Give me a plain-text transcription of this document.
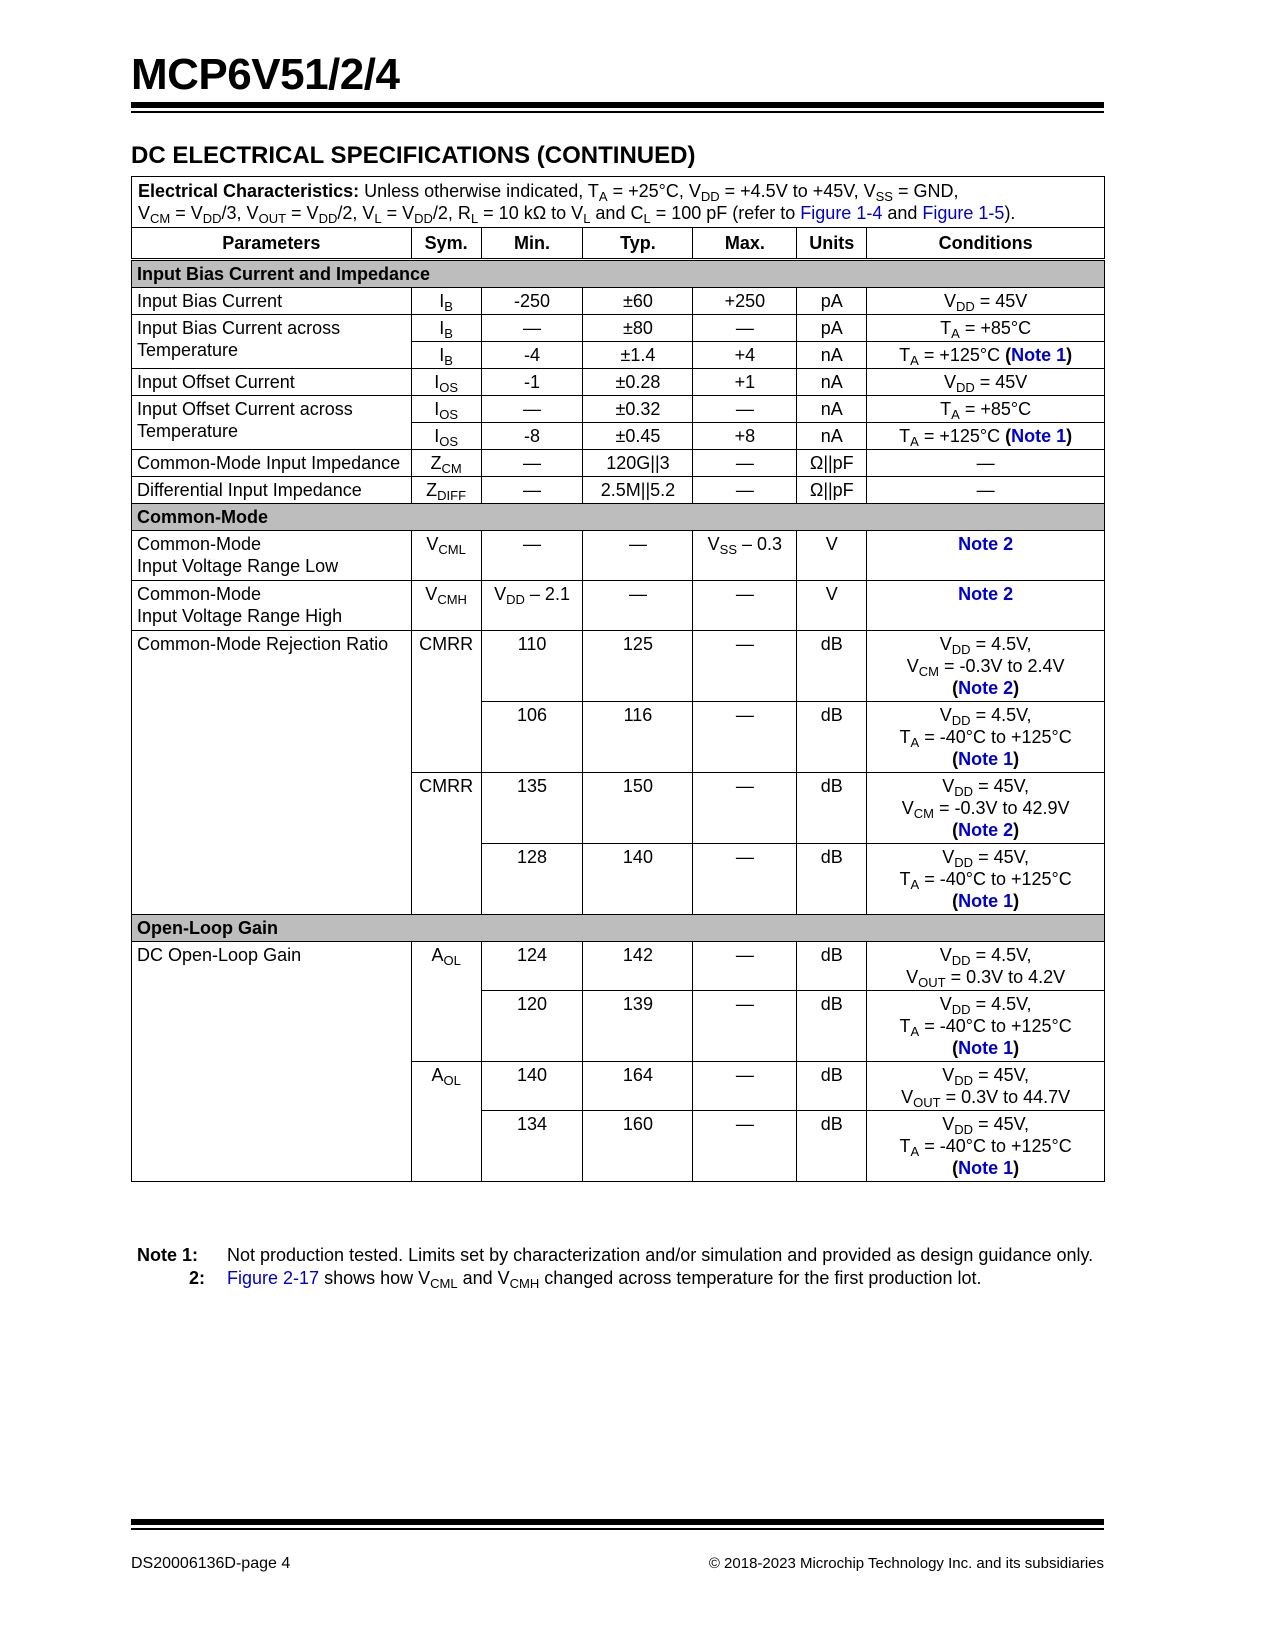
MCP6V51/2/4
DC ELECTRICAL SPECIFICATIONS (CONTINUED)
Electrical Characteristics: Unless otherwise indicated, $T_A = +25^\circ C$, $V_{DD} = +4.5V$ to +45V, $V_{SS}$ = GND,
$V_{CM} = V_{DD}/3$, $V_{OUT} = V_{DD}/2$, $V_L = V_{DD}/2$, $R_L = 10$ kΩ to $V_L$ and $C_L = 100$ pF (refer to Figure 1-4 and Figure 1-5).						
Parameters	Sym.	Min.	Typ.	Max.	Units	Conditions
Input Bias Current and Impedance						
Input Bias Current	$I_B$	-250	±60	+250	pA	$V_{DD} = 45V$
Input Bias Current across Temperature	$I_B$	—	±80	—	pA	$T_A = +85^\circ C$
	$I_B$	-4	±1.4	+4	nA	$T_A = +125^\circ C$ (Note 1)
Input Offset Current	$I_{OS}$	-1	±0.28	+1	nA	$V_{DD} = 45V$
Input Offset Current across Temperature	$I_{OS}$	—	±0.32	—	nA	$T_A = +85^\circ C$
	$I_{OS}$	-8	±0.45	+8	nA	$T_A = +125^\circ C$ (Note 1)
Common-Mode Input Impedance	$Z_{CM}$	—	120G||3	—	Ω||pF	—
Differential Input Impedance	$Z_{DIFF}$	—	2.5M||5.2	—	Ω||pF	—
Common-Mode						
Common-Mode
Input Voltage Range Low	$V_{CML}$	—	—	$V_{SS} - 0.3$	V	Note 2
Common-Mode
Input Voltage Range High	$V_{CMH}$	$V_{DD} - 2.1$	—	—	V	Note 2
Common-Mode Rejection Ratio	CMRR	110	125	—	dB	$V_{DD} = 4.5V$,
$V_{CM} = -0.3V$ to 2.4V
(Note 2)
		106	116	—	dB	$V_{DD} = 4.5V$,
$T_A = -40^\circ C$ to +125°C
(Note 1)
	CMRR	135	150	—	dB	$V_{DD} = 45V$,
$V_{CM} = -0.3V$ to 42.9V
(Note 2)
		128	140	—	dB	$V_{DD} = 45V$,
$T_A = -40^\circ C$ to +125°C
(Note 1)
Open-Loop Gain						
DC Open-Loop Gain	$A_{OL}$	124	142	—	dB	$V_{DD} = 4.5V$,
$V_{OUT} = 0.3V$ to 4.2V
		120	139	—	dB	$V_{DD} = 4.5V$,
$T_A = -40^\circ C$ to +125°C
(Note 1)
	$A_{OL}$	140	164	—	dB	$V_{DD} = 45V$,
$V_{OUT} = 0.3V$ to 44.7V
		134	160	—	dB	$V_{DD} = 45V$,
$T_A = -40^\circ C$ to +125°C
(Note 1)
Note 1:	Not production tested. Limits set by characterization and/or simulation and provided as design guidance only.
2:	Figure 2-17 shows how $V_{CML}$ and $V_{CMH}$ changed across temperature for the first production lot.
DS20006136D-page 4	© 2018-2023 Microchip Technology Inc. and its subsidiaries
